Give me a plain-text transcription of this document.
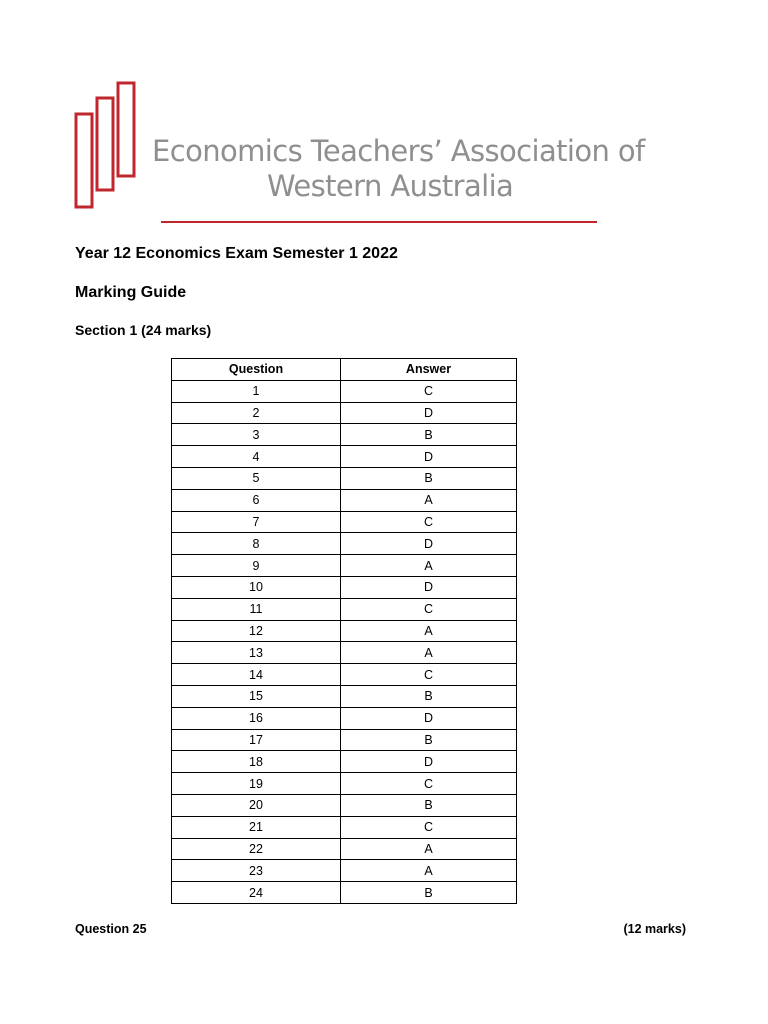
Economics Teachers’ Association of
Western Australia
Year 12 Economics Exam Semester 1 2022
Marking Guide
Section 1 (24 marks)
Question	Answer
1	C
2	D
3	B
4	D
5	B
6	A
7	C
8	D
9	A
10	D
11	C
12	A
13	A
14	C
15	B
16	D
17	B
18	D
19	C
20	B
21	C
22	A
23	A
24	B
Question 25	(12 marks)
